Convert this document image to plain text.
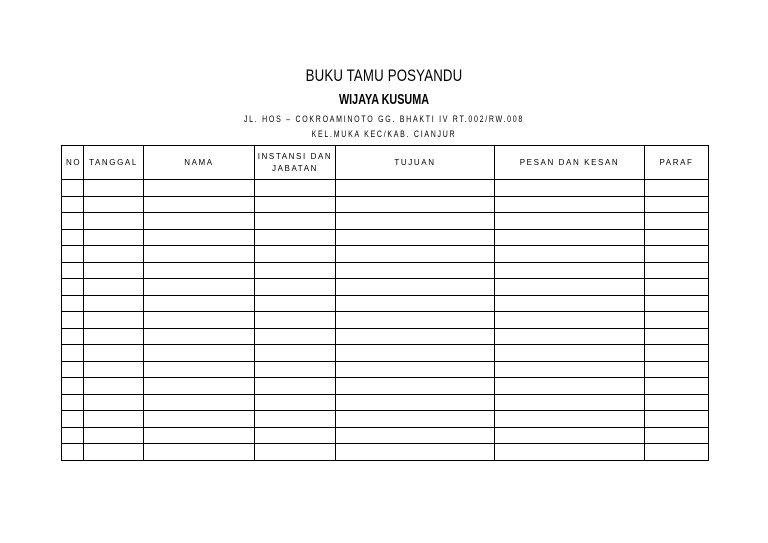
BUKU TAMU POSYANDU
WIJAYA KUSUMA
JL. HOS – COKROAMINOTO GG. BHAKTI IV RT.002/RW.008
KEL.MUKA KEC/KAB. CIANJUR
NO	TANGGAL	NAMA	INSTANSI DAN JABATAN	TUJUAN	PESAN DAN KESAN	PARAF
